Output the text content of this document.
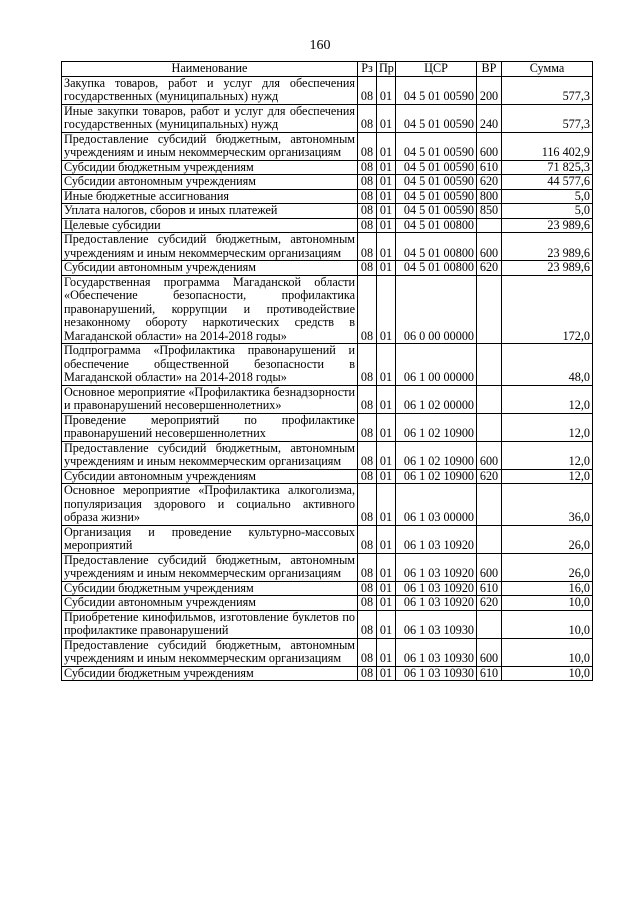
160
Наименование	Рз	Пр	ЦСР	ВР	Сумма
Закупка товаров, работ и услуг для обеспечения государственных (муниципальных) нужд	08	01	04 5 01 00590	200	577,3
Иные закупки товаров, работ и услуг для обеспечения государственных (муниципальных) нужд	08	01	04 5 01 00590	240	577,3
Предоставление субсидий бюджетным, автономным учреждениям и иным некоммерческим организациям	08	01	04 5 01 00590	600	116 402,9
Субсидии бюджетным учреждениям	08	01	04 5 01 00590	610	71 825,3
Субсидии автономным учреждениям	08	01	04 5 01 00590	620	44 577,6
Иные бюджетные ассигнования	08	01	04 5 01 00590	800	5,0
Уплата налогов, сборов и иных платежей	08	01	04 5 01 00590	850	5,0
Целевые субсидии	08	01	04 5 01 00800		23 989,6
Предоставление субсидий бюджетным, автономным учреждениям и иным некоммерческим организациям	08	01	04 5 01 00800	600	23 989,6
Субсидии автономным учреждениям	08	01	04 5 01 00800	620	23 989,6
Государственная программа Магаданской области «Обеспечение безопасности, профилактика правонарушений, коррупции и противодействие незаконному обороту наркотических средств в Магаданской области» на 2014-2018 годы»	08	01	06 0 00 00000		172,0
Подпрограмма «Профилактика правонарушений и обеспечение общественной безопасности в Магаданской области» на 2014-2018 годы»	08	01	06 1 00 00000		48,0
Основное мероприятие «Профилактика безнадзорности и правонарушений несовершеннолетних»	08	01	06 1 02 00000		12,0
Проведение мероприятий по профилактике правонарушений несовершеннолетних	08	01	06 1 02 10900		12,0
Предоставление субсидий бюджетным, автономным учреждениям и иным некоммерческим организациям	08	01	06 1 02 10900	600	12,0
Субсидии автономным учреждениям	08	01	06 1 02 10900	620	12,0
Основное мероприятие «Профилактика алкоголизма, популяризация здорового и социально активного образа жизни»	08	01	06 1 03 00000		36,0
Организация и проведение культурно-массовых мероприятий	08	01	06 1 03 10920		26,0
Предоставление субсидий бюджетным, автономным учреждениям и иным некоммерческим организациям	08	01	06 1 03 10920	600	26,0
Субсидии бюджетным учреждениям	08	01	06 1 03 10920	610	16,0
Субсидии автономным учреждениям	08	01	06 1 03 10920	620	10,0
Приобретение кинофильмов, изготовление буклетов по профилактике правонарушений	08	01	06 1 03 10930		10,0
Предоставление субсидий бюджетным, автономным учреждениям и иным некоммерческим организациям	08	01	06 1 03 10930	600	10,0
Субсидии бюджетным учреждениям	08	01	06 1 03 10930	610	10,0
